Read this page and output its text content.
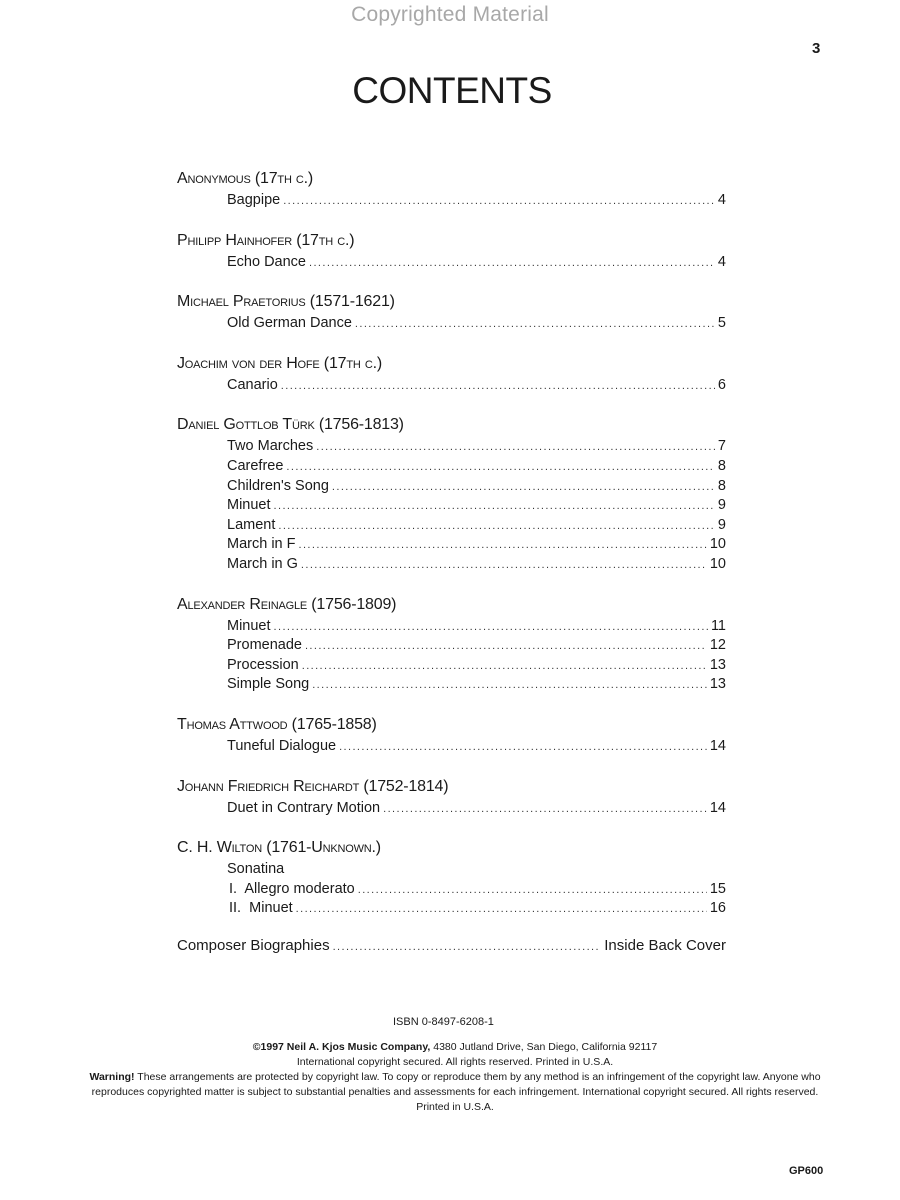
Copyrighted Material
3
CONTENTS
Anonymous (17th c.)
Bagpipe .....	4
Philipp Hainhofer (17th c.)
Echo Dance .....	4
Michael Praetorius (1571-1621)
Old German Dance .....	5
Joachim von der Hofe (17th c.)
Canario .....	6
Daniel Gottlob Türk (1756-1813)
Two Marches .....	7
Carefree .....	8
Children's Song .....	8
Minuet .....	9
Lament .....	9
March in F .....	10
March in G .....	10
Alexander Reinagle (1756-1809)
Minuet .....	11
Promenade .....	12
Procession .....	13
Simple Song .....	13
Thomas Attwood (1765-1858)
Tuneful Dialogue .....	14
Johann Friedrich Reichardt (1752-1814)
Duet in Contrary Motion .....	14
C. H. Wilton (1761-Unknown.)
Sonatina
I.  Allegro moderato .....	15
II.  Minuet .....	16
Composer Biographies .....	Inside Back Cover
ISBN 0-8497-6208-1
©1997 Neil A. Kjos Music Company, 4380 Jutland Drive, San Diego, California 92117
International copyright secured. All rights reserved. Printed in U.S.A.
Warning! These arrangements are protected by copyright law. To copy or reproduce them by any method is an infringement of the copyright law. Anyone who reproduces copyrighted matter is subject to substantial penalties and assessments for each infringement. International copyright secured. All rights reserved. Printed in U.S.A.
GP600
